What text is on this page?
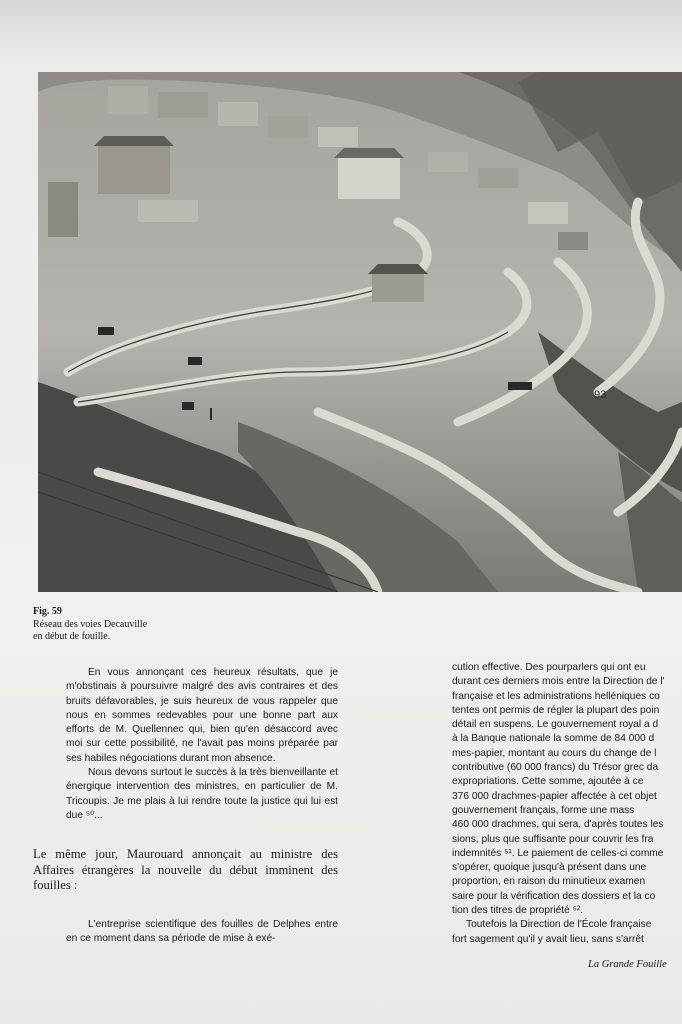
93
Fig. 59
Réseau des voies Decauville
en début de fouille.

En vous annonçant ces heureux résultats, que je m'obstinais à poursuivre malgré des avis contraires et des bruits défavorables, je suis heureux de vous rappeler que nous en sommes redevables pour une bonne part aux efforts de M. Quellennec qui, bien qu'en désaccord avec moi sur cette possibilité, ne l'avait pas moins préparée par ses habiles négociations durant mon absence.

Nous devons surtout le succès à la très bienveillante et énergique intervention des ministres, en particulier de M. Tricoupis. Je me plais à lui rendre toute la justice qui lui est due ⁵⁰...

Le même jour, Maurouard annonçait au ministre des Affaires étrangères la nouvelle du début imminent des fouilles :

L'entreprise scientifique des fouilles de Delphes entre en ce moment dans sa période de mise à exé-

cution effective. Des pourparlers qui ont eu
durant ces derniers mois entre la Direction de l'
française et les administrations helléniques co
tentes ont permis de régler la plupart des poin
détail en suspens. Le gouvernement royal a d
à la Banque nationale la somme de 84 000 d
mes-papier, montant au cours du change de l
contributive (60 000 francs) du Trésor grec da
expropriations. Cette somme, ajoutée à ce
376 000 drachmes-papier affectée à cet objet
gouvernement français, forme une mass
460 000 drachmes, qui sera, d'après toutes les
sions, plus que suffisante pour couvrir les fra
indemnités ⁵¹. Le paiement de celles-ci comme
s'opérer, quoique jusqu'à présent dans une
proportion, en raison du minutieux examen
saire pour la vérification des dossiers et la co
tion des titres de propriété ⁵².
Toutefois la Direction de l'École française
fort sagement qu'il y avait lieu, sans s'arrêt
La Grande Fouille
